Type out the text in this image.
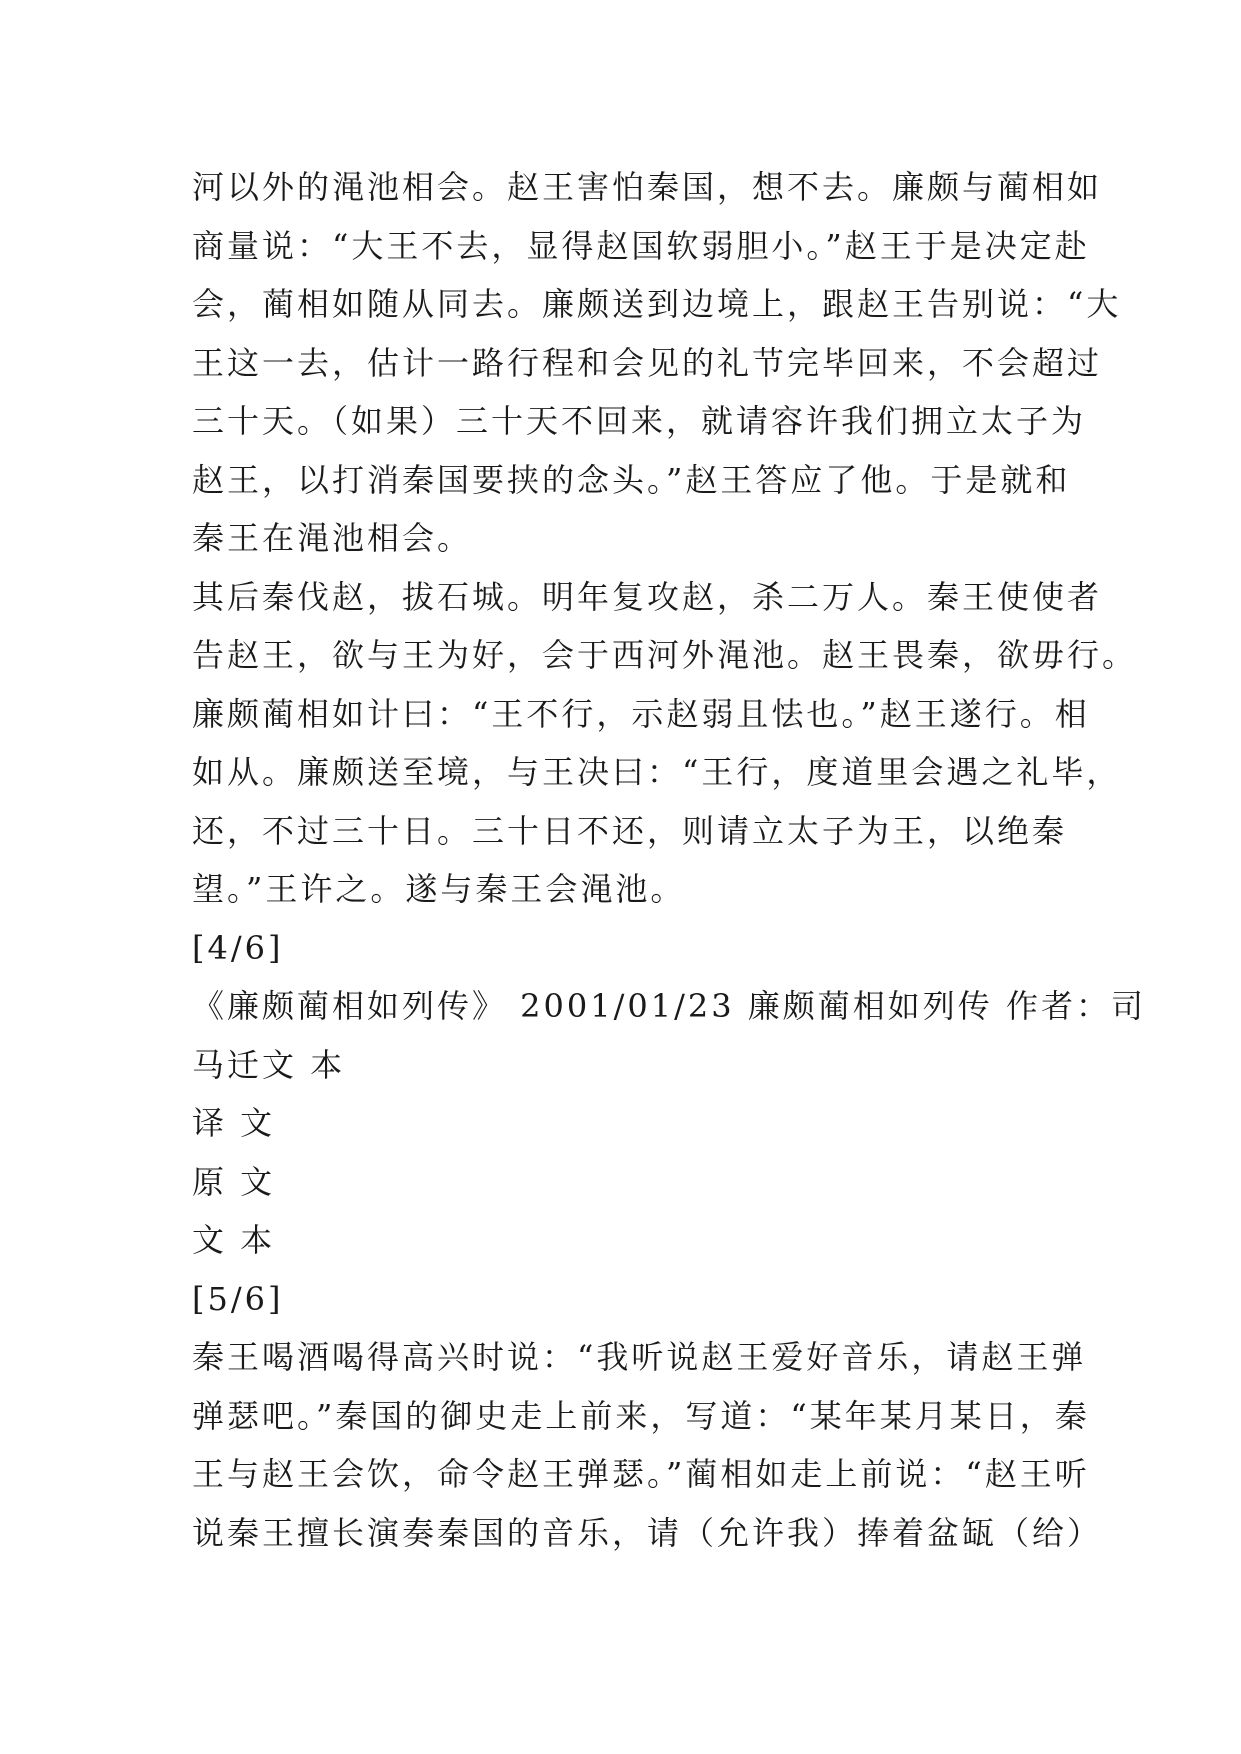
河以外的渑池相会。赵王害怕秦国，想不去。廉颇与蔺相如
商量说：“大王不去，显得赵国软弱胆小。”赵王于是决定赴
会，蔺相如随从同去。廉颇送到边境上，跟赵王告别说：“大
王这一去，估计一路行程和会见的礼节完毕回来，不会超过
三十天。（如果）三十天不回来，就请容许我们拥立太子为
赵王，以打消秦国要挟的念头。”赵王答应了他。于是就和
秦王在渑池相会。
其后秦伐赵，拔石城。明年复攻赵，杀二万人。秦王使使者
告赵王，欲与王为好，会于西河外渑池。赵王畏秦，欲毋行。
廉颇蔺相如计曰：“王不行，示赵弱且怯也。”赵王遂行。相
如从。廉颇送至境，与王决曰：“王行，度道里会遇之礼毕，
还，不过三十日。三十日不还，则请立太子为王，以绝秦
望。”王许之。遂与秦王会渑池。
[4/6]
《廉颇蔺相如列传》 2001/01/23 廉颇蔺相如列传 作者：司
马迁文 本
译 文
原 文
文 本
[5/6]
秦王喝酒喝得高兴时说：“我听说赵王爱好音乐，请赵王弹
弹瑟吧。”秦国的御史走上前来，写道：“某年某月某日，秦
王与赵王会饮，命令赵王弹瑟。”蔺相如走上前说：“赵王听
说秦王擅长演奏秦国的音乐，请（允许我）捧着盆缻（给）
